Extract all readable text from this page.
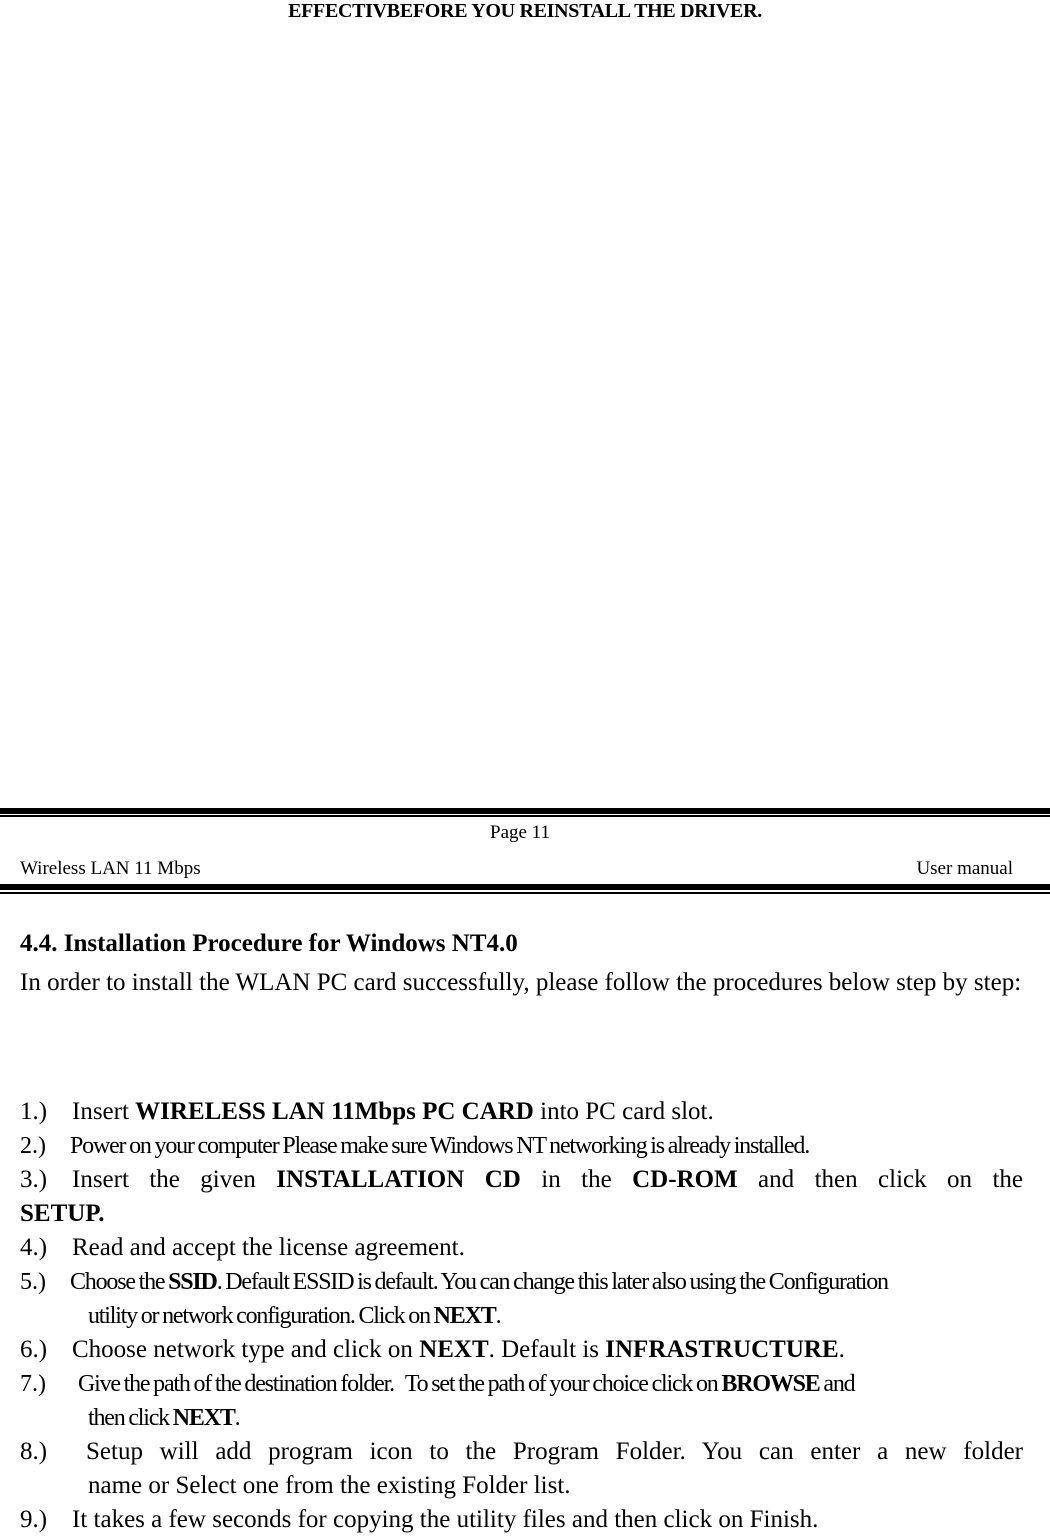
EFFECTIVBEFORE YOU REINSTALL THE DRIVER.
Page 11
Wireless LAN 11 Mbps	User manual
4.4. Installation Procedure for Windows NT4.0
In order to install the WLAN PC card successfully, please follow the procedures below step by step:
1.) Insert WIRELESS LAN 11Mbps PC CARD into PC card slot.
2.) Power on your computer Please make sure Windows NT networking is already installed.
3.) Insert the given INSTALLATION CD in the CD-ROM and then click on the
SETUP.
4.) Read and accept the license agreement.
5.) Choose the SSID. Default ESSID is default. You can change this later also using the Configuration
utility or network configuration. Click on NEXT.
6.) Choose network type and click on NEXT. Default is INFRASTRUCTURE.
7.) Give the path of the destination folder.   To set the path of your choice click on BROWSE and
then click NEXT.
8.) Setup will add program icon to the Program Folder. You can enter a new folder
name or Select one from the existing Folder list.
9.) It takes a few seconds for copying the utility files and then click on Finish.
